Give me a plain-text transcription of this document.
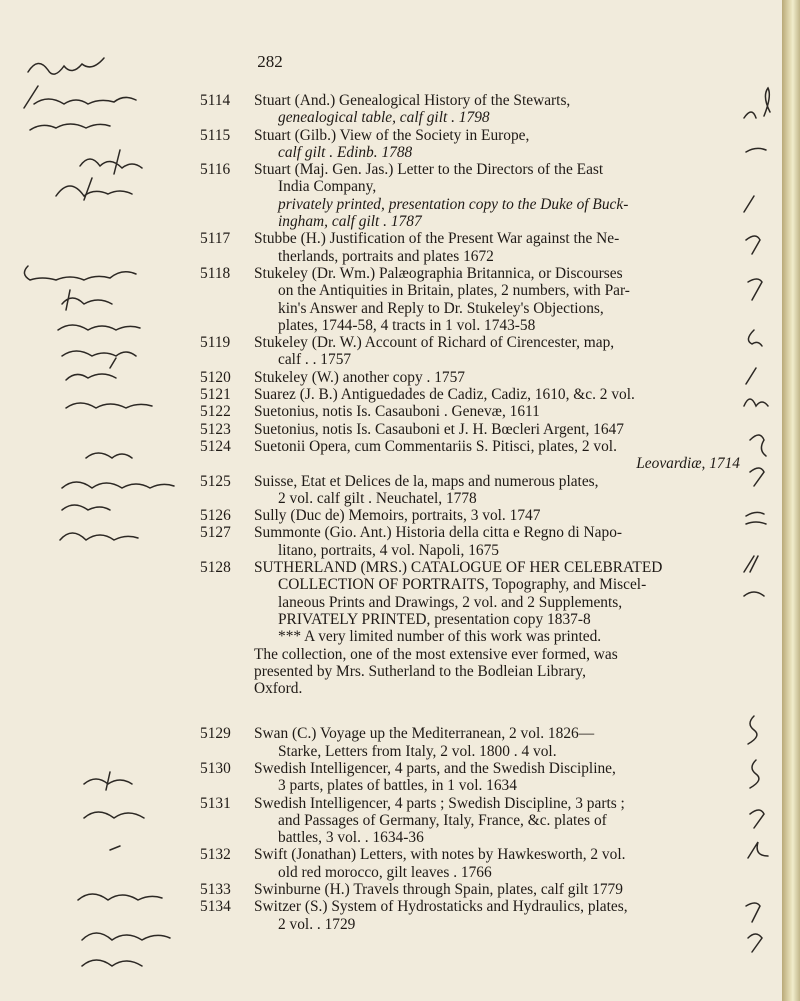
282
5114 Stuart (And.) Genealogical History of the Stewarts,
genealogical table, calf gilt . 1798
5115 Stuart (Gilb.) View of the Society in Europe,
calf gilt . Edinb. 1788
5116 Stuart (Maj. Gen. Jas.) Letter to the Directors of the East
India Company,
privately printed, presentation copy to the Duke of Buck-
ingham, calf gilt . 1787
5117 Stubbe (H.) Justification of the Present War against the Ne-
therlands, portraits and plates 1672
5118 Stukeley (Dr. Wm.) Palæographia Britannica, or Discourses
on the Antiquities in Britain, plates, 2 numbers, with Par-
kin's Answer and Reply to Dr. Stukeley's Objections,
plates, 1744-58, 4 tracts in 1 vol. 1743-58
5119 Stukeley (Dr. W.) Account of Richard of Cirencester, map,
calf . . 1757
5120 Stukeley (W.) another copy . 1757
5121 Suarez (J. B.) Antiguedades de Cadiz, Cadiz, 1610, &c. 2 vol.
5122 Suetonius, notis Is. Casauboni . Genevæ, 1611
5123 Suetonius, notis Is. Casauboni et J. H. Bœcleri Argent, 1647
5124 Suetonii Opera, cum Commentariis S. Pitisci, plates, 2 vol.
Leovardiæ, 1714
5125 Suisse, Etat et Delices de la, maps and numerous plates,
2 vol. calf gilt . Neuchatel, 1778
5126 Sully (Duc de) Memoirs, portraits, 3 vol. 1747
5127 Summonte (Gio. Ant.) Historia della citta e Regno di Napo-
litano, portraits, 4 vol. Napoli, 1675
5128 SUTHERLAND (MRS.) CATALOGUE OF HER CELEBRATED
COLLECTION OF PORTRAITS, Topography, and Miscel-
laneous Prints and Drawings, 2 vol. and 2 Supplements,
PRIVATELY PRINTED, presentation copy 1837-8
*** A very limited number of this work was printed.
The collection, one of the most extensive ever formed, was
presented by Mrs. Sutherland to the Bodleian Library,
Oxford.
5129 Swan (C.) Voyage up the Mediterranean, 2 vol. 1826—
Starke, Letters from Italy, 2 vol. 1800 . 4 vol.
5130 Swedish Intelligencer, 4 parts, and the Swedish Discipline,
3 parts, plates of battles, in 1 vol. 1634
5131 Swedish Intelligencer, 4 parts ; Swedish Discipline, 3 parts ;
and Passages of Germany, Italy, France, &c. plates of
battles, 3 vol. . 1634-36
5132 Swift (Jonathan) Letters, with notes by Hawkesworth, 2 vol.
old red morocco, gilt leaves . 1766
5133 Swinburne (H.) Travels through Spain, plates, calf gilt 1779
5134 Switzer (S.) System of Hydrostaticks and Hydraulics, plates,
2 vol. . 1729
